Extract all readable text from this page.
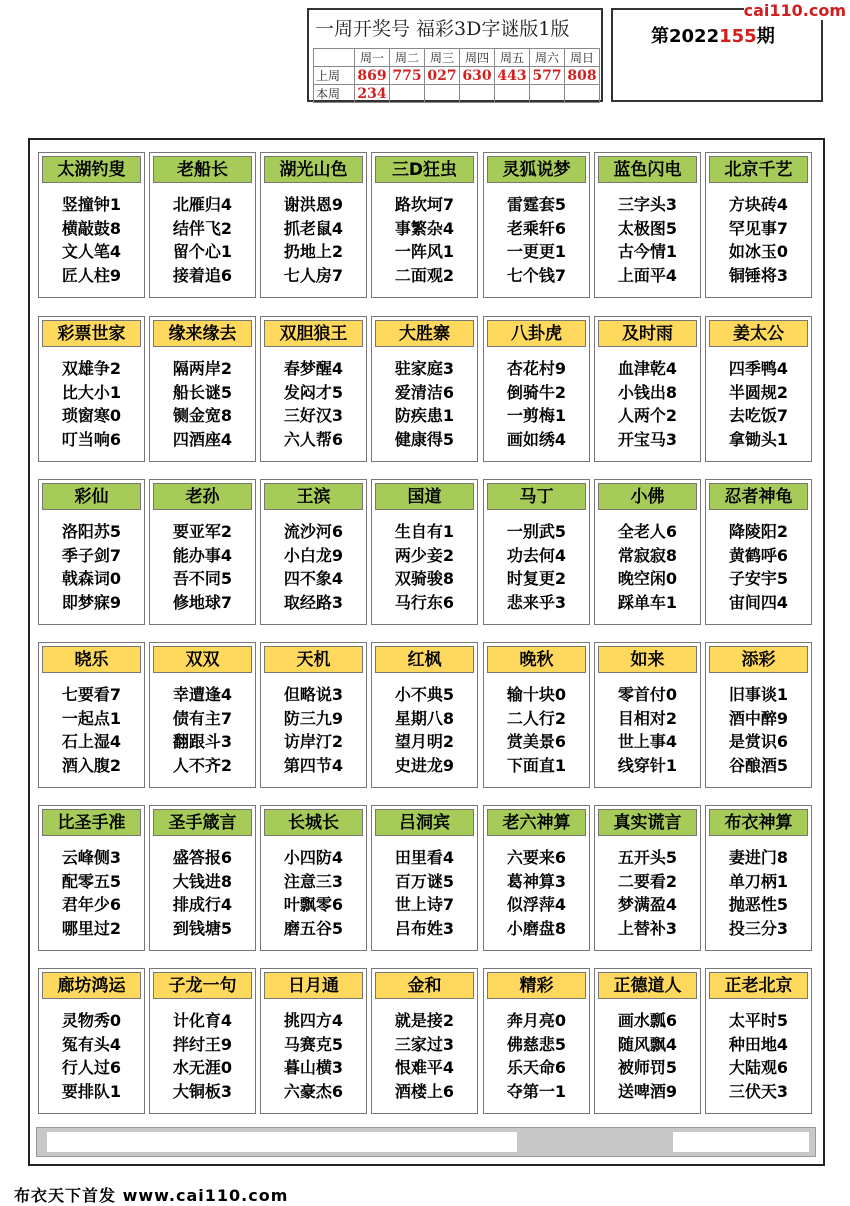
一周开奖号 福彩3D字谜版1版
	周一	周二	周三	周四	周五	周六	周日
上周	869	775	027	630	443	577	808
本周	234						
第2022155期
cai110.com
太湖钓叟
竖撞钟1
横敲鼓8
文人笔4
匠人柱9
老船长
北雁归4
结伴飞2
留个心1
接着追6
湖光山色
谢洪恩9
抓老鼠4
扔地上2
七人房7
三D狂虫
路坎坷7
事繁杂4
一阵风1
二面观2
灵狐说梦
雷霆套5
老乘轩6
一更更1
七个钱7
蓝色闪电
三字头3
太极图5
古今情1
上面平4
北京千艺
方块砖4
罕见事7
如冰玉0
铜锤将3
彩票世家
双雄争2
比大小1
琐窗寒0
叮当响6
缘来缘去
隔两岸2
船长谜5
铡金宽8
四酒座4
双胆狼王
春梦醒4
发闷才5
三好汉3
六人帮6
大胜寨
驻家庭3
爱清洁6
防疾患1
健康得5
八卦虎
杏花村9
倒骑牛2
一剪梅1
画如绣4
及时雨
血津乾4
小钱出8
人两个2
开宝马3
姜太公
四季鸭4
半圆规2
去吃饭7
拿锄头1
彩仙
洛阳苏5
季子剑7
戟森词0
即梦寐9
老孙
要亚军2
能办事4
吾不同5
修地球7
王滨
流沙河6
小白龙9
四不象4
取经路3
国道
生自有1
两少妾2
双骑骏8
马行东6
马丁
一别武5
功去何4
时复更2
悲来乎3
小佛
全老人6
常寂寂8
晚空闲0
踩单车1
忍者神龟
降陵阳2
黄鹤呼6
子安宇5
宙间四4
晓乐
七要看7
一起点1
石上湿4
酒入腹2
双双
幸遭逢4
债有主7
翻跟斗3
人不齐2
天机
但略说3
防三九9
访岸汀2
第四节4
红枫
小不典5
星期八8
望月明2
史进龙9
晚秋
输十块0
二人行2
赏美景6
下面直1
如来
零首付0
目相对2
世上事4
线穿针1
添彩
旧事谈1
酒中醉9
是赏识6
谷酿酒5
比圣手准
云峰侧3
配零五5
君年少6
哪里过2
圣手箴言
盛答报6
大钱进8
排成行4
到钱塘5
长城长
小四防4
注意三3
叶飘零6
磨五谷5
吕洞宾
田里看4
百万谜5
世上诗7
吕布姓3
老六神算
六要来6
葛神算3
似浮萍4
小磨盘8
真实谎言
五开头5
二要看2
梦满盈4
上替补3
布衣神算
妻进门8
单刀柄1
抛恶性5
投三分3
廊坊鸿运
灵物秀0
冤有头4
行人过6
要排队1
子龙一句
计化育4
拌纣王9
水无涯0
大铜板3
日月通
挑四方4
马赛克5
暮山横3
六豪杰6
金和
就是接2
三家过3
恨难平4
酒楼上6
精彩
奔月亮0
佛慈悲5
乐天命6
夺第一1
正德道人
画水瓢6
随风飘4
被师罚5
送啤酒9
正老北京
太平时5
种田地4
大陆观6
三伏天3
布衣天下首发 www.cai110.com
